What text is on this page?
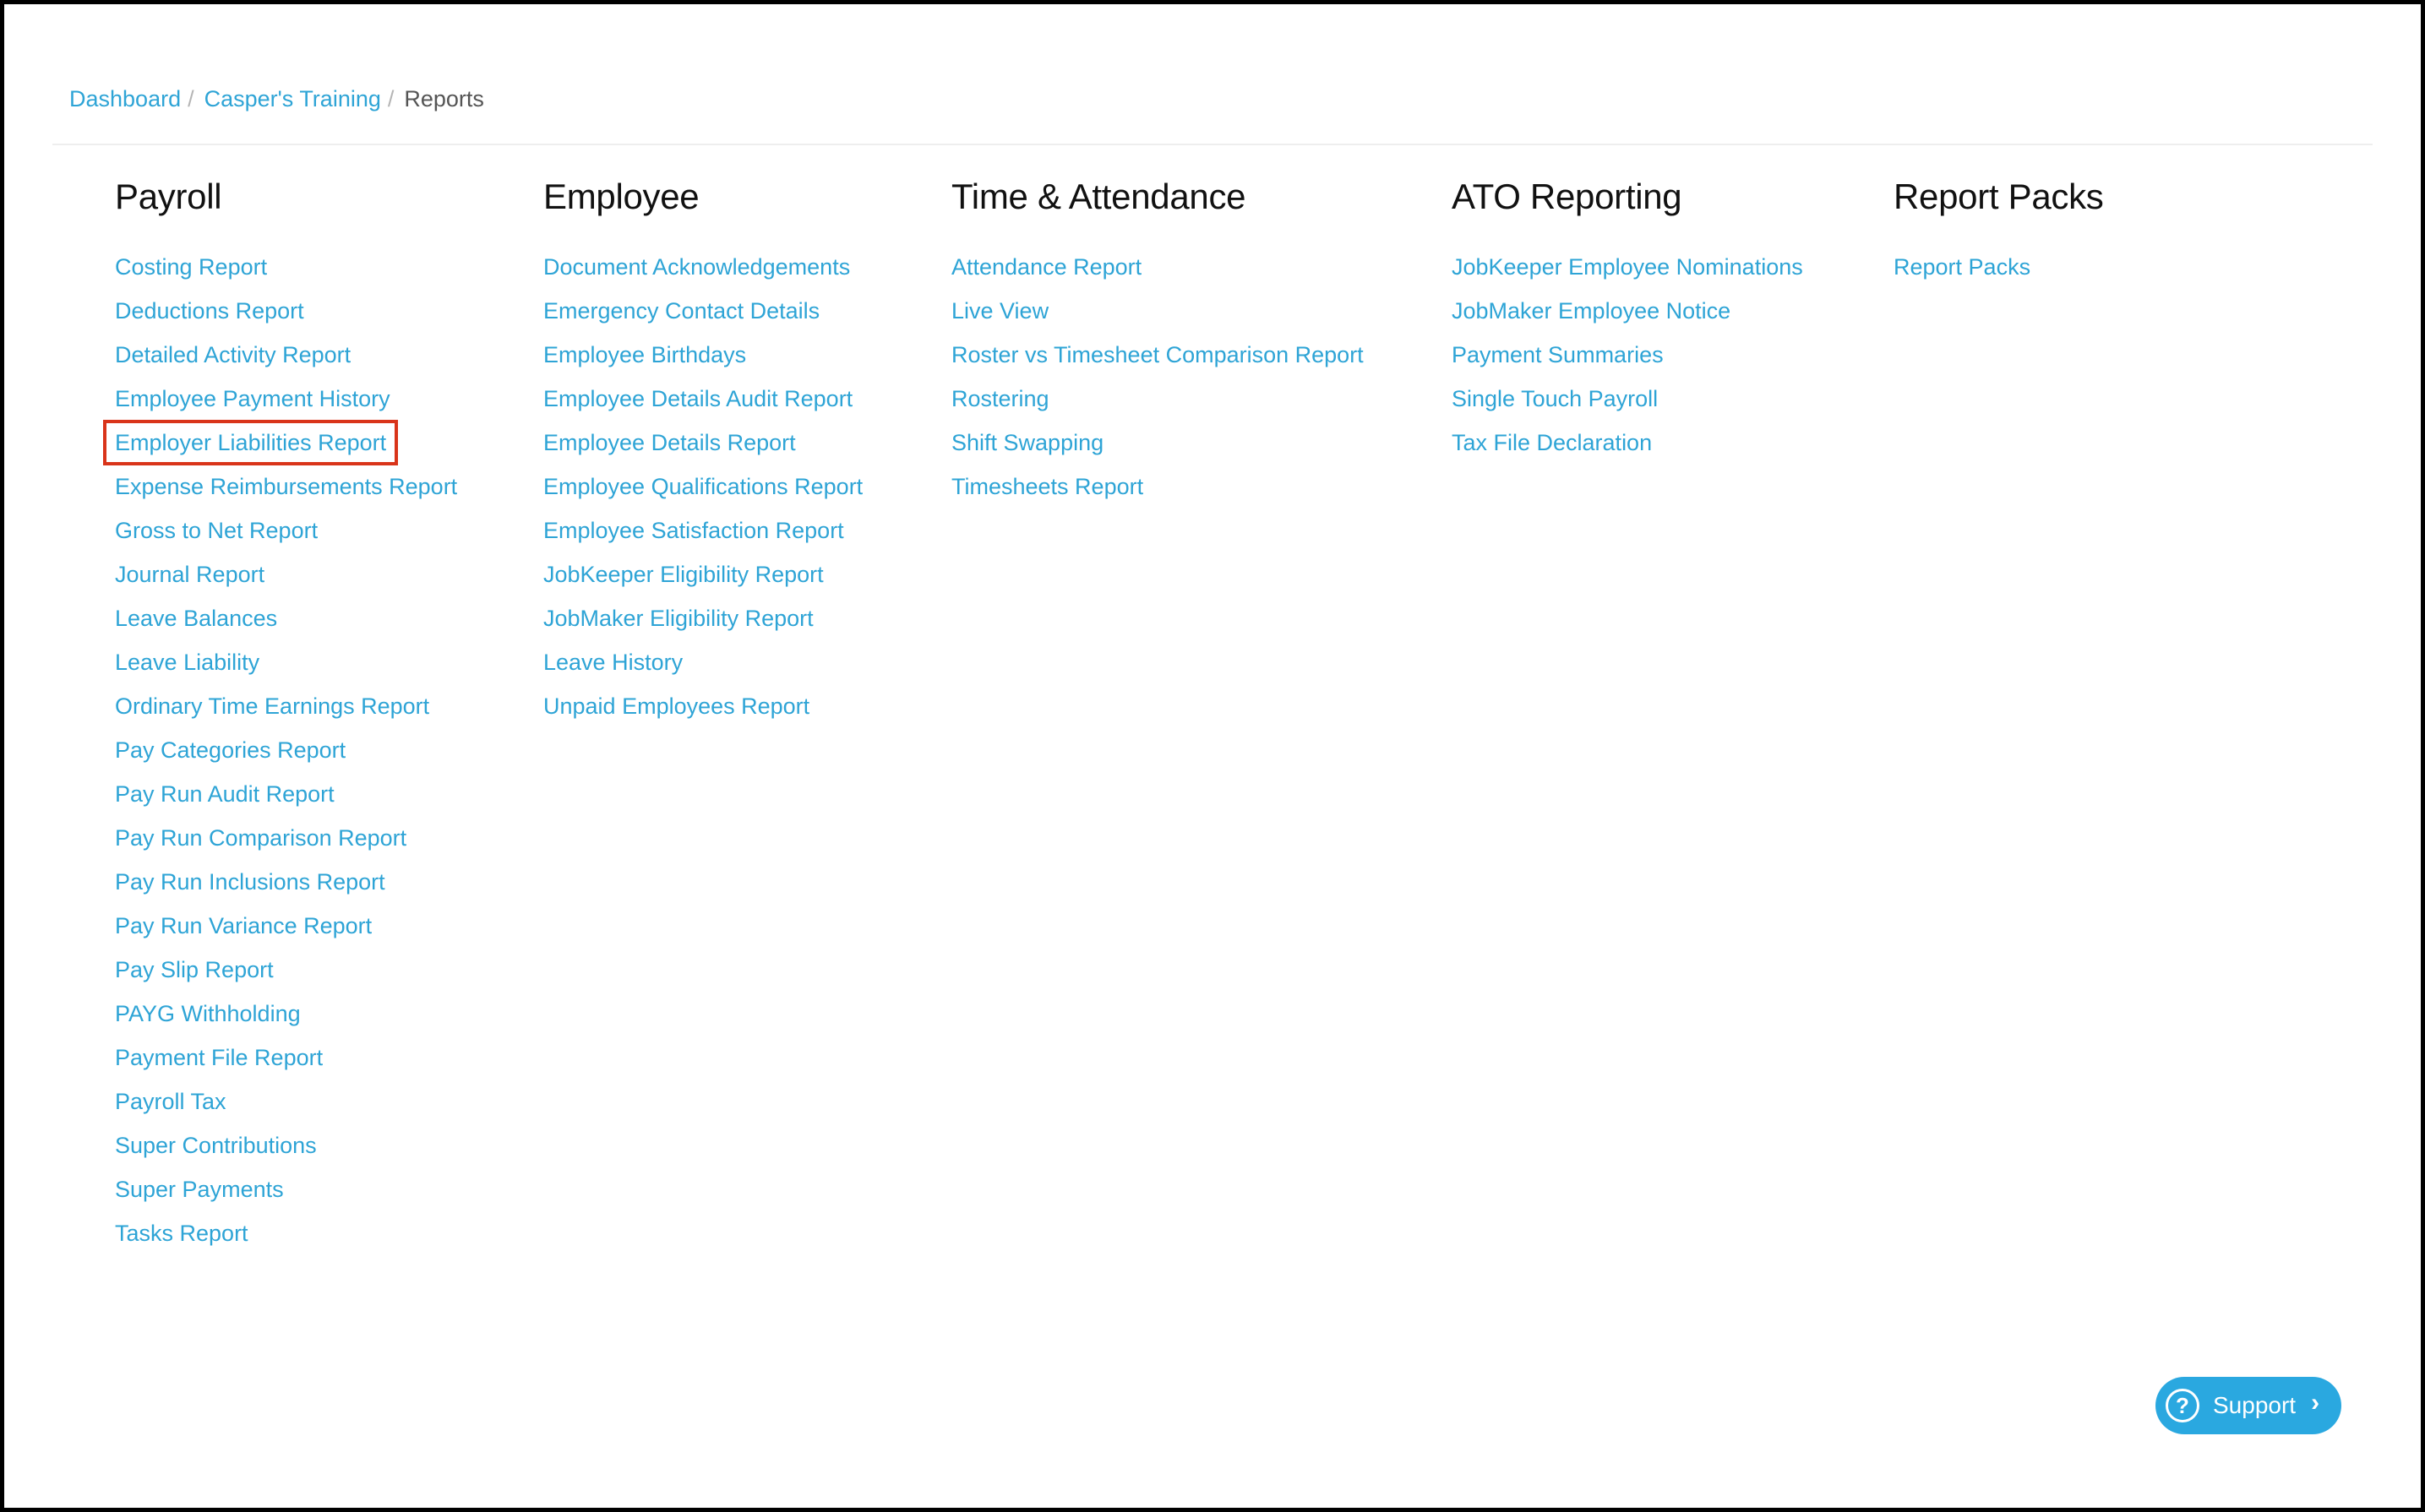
Dashboard / Casper's Training / Reports
Payroll
Costing Report
Deductions Report
Detailed Activity Report
Employee Payment History
Employer Liabilities Report
Expense Reimbursements Report
Gross to Net Report
Journal Report
Leave Balances
Leave Liability
Ordinary Time Earnings Report
Pay Categories Report
Pay Run Audit Report
Pay Run Comparison Report
Pay Run Inclusions Report
Pay Run Variance Report
Pay Slip Report
PAYG Withholding
Payment File Report
Payroll Tax
Super Contributions
Super Payments
Tasks Report
Employee
Document Acknowledgements
Emergency Contact Details
Employee Birthdays
Employee Details Audit Report
Employee Details Report
Employee Qualifications Report
Employee Satisfaction Report
JobKeeper Eligibility Report
JobMaker Eligibility Report
Leave History
Unpaid Employees Report
Time & Attendance
Attendance Report
Live View
Roster vs Timesheet Comparison Report
Rostering
Shift Swapping
Timesheets Report
ATO Reporting
JobKeeper Employee Nominations
JobMaker Employee Notice
Payment Summaries
Single Touch Payroll
Tax File Declaration
Report Packs
Report Packs
?	Support ›
